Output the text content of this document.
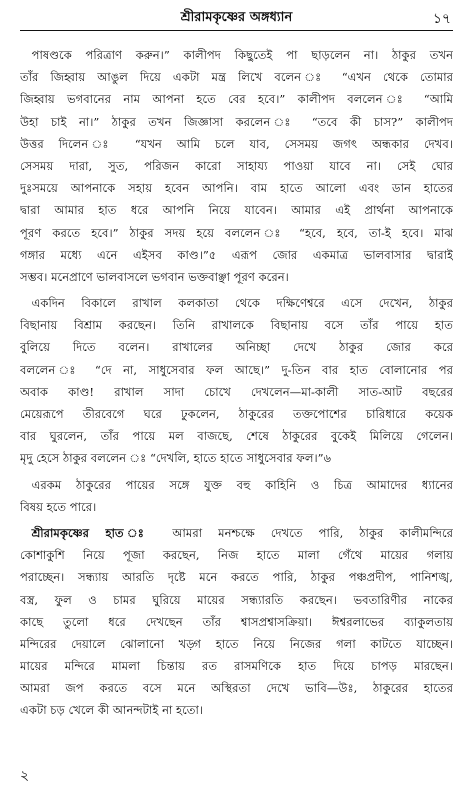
শ্রীরামকৃষ্ণের অঙ্গধ্যান	১৭
 পাষণ্ডকে পরিত্রাণ করুন।” কালীপদ কিছুতেই পা ছাড়লেন না। ঠাকুর তখন
তাঁর জিহ্বায় আঙুল দিয়ে একটা মন্ত্র লিখে বলেন ঃ “এখন থেকে তোমার
জিহ্বায় ভগবানের নাম আপনা হতে বের হবে।” কালীপদ বললেন ঃ “আমি
উহা চাই না।” ঠাকুর তখন জিজ্ঞাসা করলেন ঃ “তবে কী চাস?” কালীপদ
উত্তর দিলেন ঃ “যখন আমি চলে যাব, সেসময় জগৎ অন্ধকার দেখব।
সেসময় দারা, সুত, পরিজন কারো সাহায্য পাওয়া যাবে না। সেই ঘোর
দুঃসময়ে আপনাকে সহায় হবেন আপনি। বাম হাতে আলো এবং ডান হাতের
দ্বারা আমার হাত ধরে আপনি নিয়ে যাবেন। আমার এই প্রার্থনা আপনাকে
পূরণ করতে হবে।” ঠাকুর সদয় হয়ে বললেন ঃ “হবে, হবে, তা-ই হবে। মাঝ
গঙ্গার মধ্যে এনে এইসব কাণ্ড।”৫ এরূপ জোর একমাত্র ভালবাসার দ্বারাই
সম্ভব। মনেপ্রাণে ভালবাসলে ভগবান ভক্তবাঞ্ছা পূরণ করেন।
 একদিন বিকালে রাখাল কলকাতা থেকে দক্ষিণেশ্বরে এসে দেখেন, ঠাকুর
বিছানায় বিশ্রাম করছেন। তিনি রাখালকে বিছানায় বসে তাঁর পায়ে হাত
বুলিয়ে দিতে বলেন। রাখালের অনিচ্ছা দেখে ঠাকুর জোর করে
বললেন ঃ “দে না, সাধুসেবার ফল আছে।” দু-তিন বার হাত বোলানোর পর
অবাক কাণ্ড! রাখাল সাদা চোখে দেখলেন—মা-কালী সাত-আট বছরের
মেয়েরূপে তীরবেগে ঘরে ঢুকলেন, ঠাকুরের তক্তপোশের চারিধারে কয়েক
বার ঘুরলেন, তাঁর পায়ে মল বাজছে, শেষে ঠাকুরের বুকেই মিলিয়ে গেলেন।
মৃদু হেসে ঠাকুর বললেন ঃ “দেখলি, হাতে হাতে সাধুসেবার ফল।”৬
 এরকম ঠাকুরের পায়ের সঙ্গে যুক্ত বহু কাহিনি ও চিত্র আমাদের ধ্যানের
বিষয় হতে পারে।
 শ্রীরামকৃষ্ণের হাত ঃ আমরা মনশ্চক্ষে দেখতে পারি, ঠাকুর কালীমন্দিরে
কোশাকুশি নিয়ে পূজা করছেন, নিজ হাতে মালা গেঁথে মায়ের গলায়
পরাচ্ছেন। সন্ধ্যায় আরতি দৃষ্টে মনে করতে পারি, ঠাকুর পঞ্চপ্রদীপ, পানিশঙ্খ,
বস্ত্র, ফুল ও চামর ঘুরিয়ে মায়ের সন্ধ্যারতি করছেন। ভবতারিণীর নাকের
কাছে তুলো ধরে দেখছেন তাঁর শ্বাসপ্রশ্বাসক্রিয়া। ঈশ্বরলাভের ব্যাকুলতায়
মন্দিরের দেয়ালে ঝোলানো খড়্গ হাতে নিয়ে নিজের গলা কাটতে যাচ্ছেন।
মায়ের মন্দিরে মামলা চিন্তায় রত রাসমণিকে হাত দিয়ে চাপড় মারছেন।
আমরা জপ করতে বসে মনে অস্থিরতা দেখে ভাবি—উঃ, ঠাকুরের হাতের
একটা চড় খেলে কী আনন্দটাই না হতো।
২
